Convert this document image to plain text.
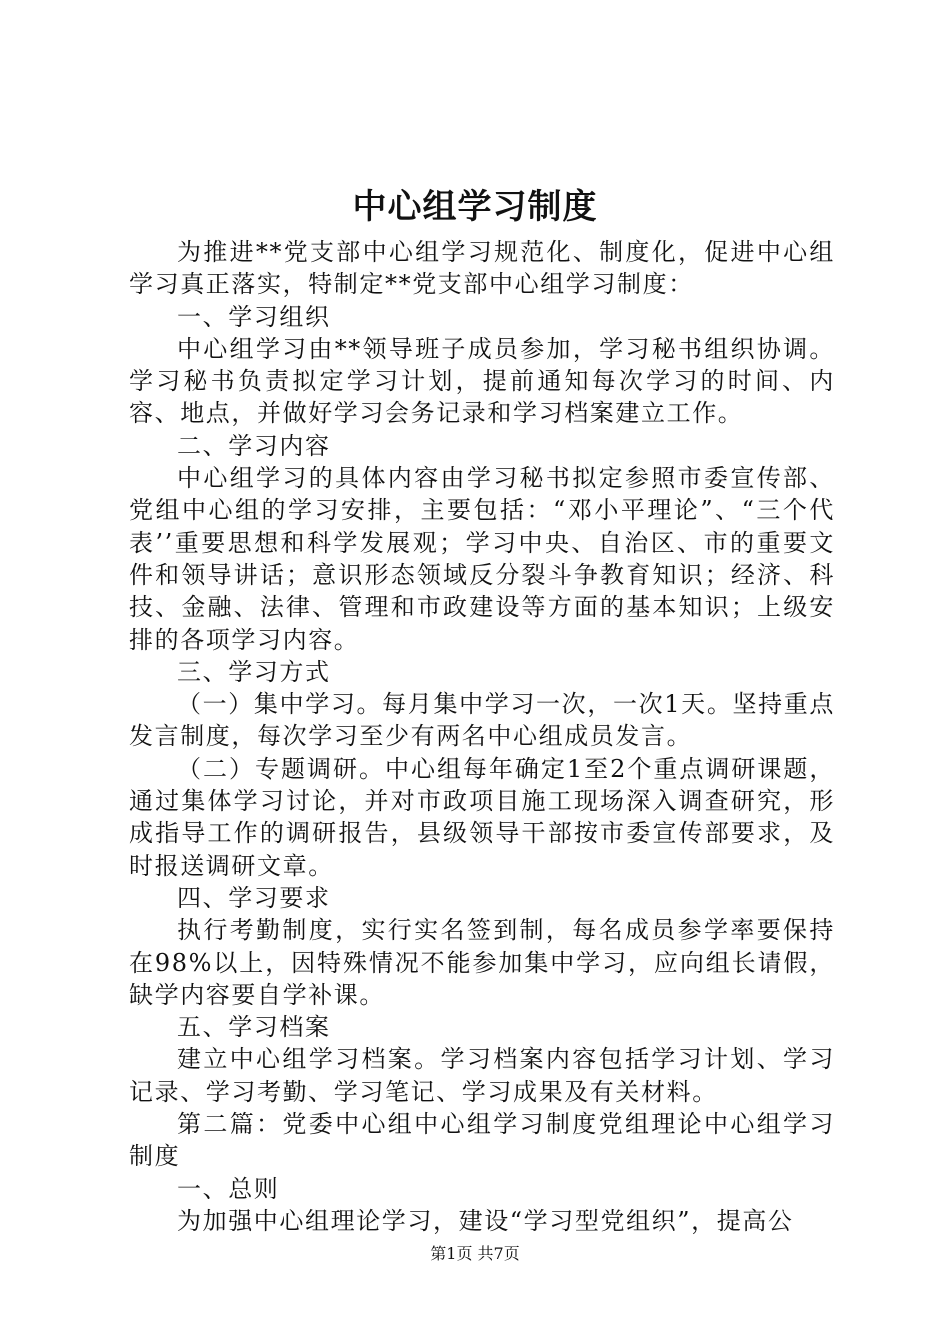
中心组学习制度

为推进**党支部中心组学习规范化、制度化，促进中心组学习真正落实，特制定**党支部中心组学习制度：

一、学习组织

中心组学习由**领导班子成员参加，学习秘书组织协调。学习秘书负责拟定学习计划，提前通知每次学习的时间、内容、地点，并做好学习会务记录和学习档案建立工作。

二、学习内容

中心组学习的具体内容由学习秘书拟定参照市委宣传部、党组中心组的学习安排，主要包括：“邓小平理论”、“三个代表’’重要思想和科学发展观；学习中央、自治区、市的重要文件和领导讲话；意识形态领域反分裂斗争教育知识；经济、科技、金融、法律、管理和市政建设等方面的基本知识；上级安排的各项学习内容。

三、学习方式

（一）集中学习。每月集中学习一次，一次1天。坚持重点发言制度，每次学习至少有两名中心组成员发言。

（二）专题调研。中心组每年确定1至2个重点调研课题，通过集体学习讨论，并对市政项目施工现场深入调查研究，形成指导工作的调研报告，县级领导干部按市委宣传部要求，及时报送调研文章。

四、学习要求

执行考勤制度，实行实名签到制，每名成员参学率要保持在98%以上，因特殊情况不能参加集中学习，应向组长请假，缺学内容要自学补课。

五、学习档案

建立中心组学习档案。学习档案内容包括学习计划、学习记录、学习考勤、学习笔记、学习成果及有关材料。

第二篇：党委中心组中心组学习制度党组理论中心组学习制度

一、总则

为加强中心组理论学习，建设“学习型党组织”，提高公

第1页 共7页
